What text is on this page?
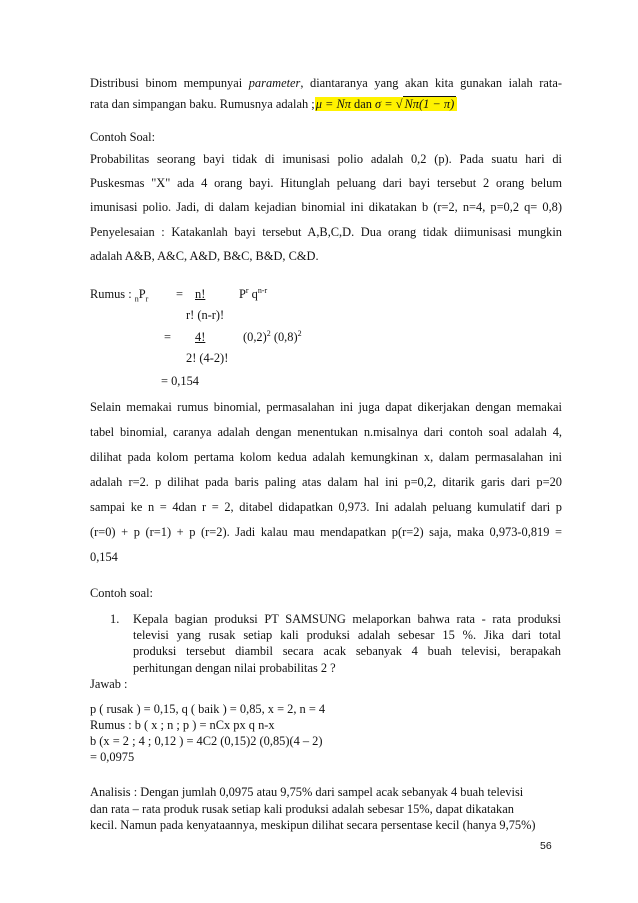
Distribusi binom mempunyai parameter, diantaranya yang akan kita gunakan ialah rata-
rata dan simpangan baku. Rumusnya adalah ;μ = Nπ dan σ = √ Nπ(1 − π)
Contoh Soal:
Probabilitas seorang bayi tidak di imunisasi polio adalah 0,2 (p). Pada suatu hari di
Puskesmas "X" ada 4 orang bayi. Hitunglah peluang dari bayi tersebut 2 orang belum
imunisasi polio. Jadi, di dalam kejadian binomial ini dikatakan b (r=2, n=4, p=0,2 q= 0,8)
Penyelesaian : Katakanlah bayi tersebut A,B,C,D. Dua orang tidak diimunisasi mungkin
adalah A&B, A&C, A&D, B&C, B&D, C&D.
Rumus : $_nP_r = n$!	$P^r$ $q^{n-r}$
r! (n-r)!
= 4!	$(0,2)^2$ $(0,8)^2$
2! (4-2)!
= 0,154
Selain memakai rumus binomial, permasalahan ini juga dapat dikerjakan dengan memakai
tabel binomial, caranya adalah dengan menentukan n.misalnya dari contoh soal adalah 4,
dilihat pada kolom pertama kolom kedua adalah kemungkinan x, dalam permasalahan ini
adalah r=2. p dilihat pada baris paling atas dalam hal ini p=0,2, ditarik garis dari p=20
sampai ke n = 4dan r = 2, ditabel didapatkan 0,973. Ini adalah peluang kumulatif dari p
(r=0) + p (r=1) + p (r=2). Jadi kalau mau mendapatkan p(r=2) saja, maka 0,973-0,819 =
0,154
Contoh soal:
1. Kepala bagian produksi PT SAMSUNG melaporkan bahwa rata - rata produksi
televisi yang rusak setiap kali produksi adalah sebesar 15 %. Jika dari total
produksi tersebut diambil secara acak sebanyak 4 buah televisi, berapakah
perhitungan dengan nilai probabilitas 2 ?
Jawab :
p ( rusak ) = 0,15, q ( baik ) = 0,85, x = 2, n = 4
Rumus : b ( x ; n ; p ) = nCx px q n-x
b (x = 2 ; 4 ; 0,12 ) = 4C2 (0,15)2 (0,85)(4 – 2)
= 0,0975
Analisis : Dengan jumlah 0,0975 atau 9,75% dari sampel acak sebanyak 4 buah televisi
dan rata – rata produk rusak setiap kali produksi adalah sebesar 15%, dapat dikatakan
kecil. Namun pada kenyataannya, meskipun dilihat secara persentase kecil (hanya 9,75%)
56
